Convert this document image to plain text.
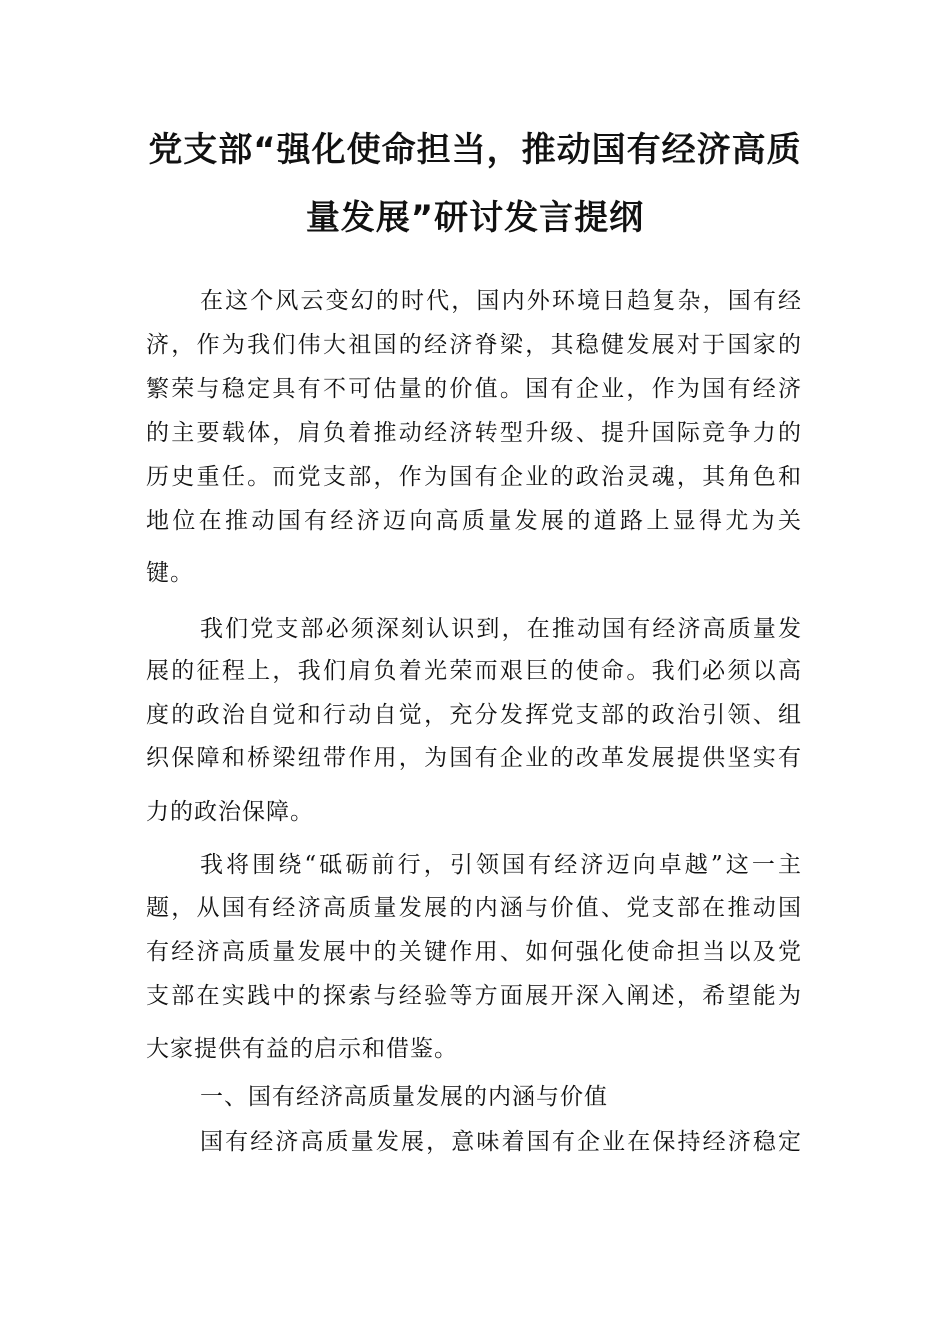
党支部“强化使命担当，推动国有经济高质
量发展”研讨发言提纲
在这个风云变幻的时代，国内外环境日趋复杂，国有经
济，作为我们伟大祖国的经济脊梁，其稳健发展对于国家的
繁荣与稳定具有不可估量的价值。国有企业，作为国有经济
的主要载体，肩负着推动经济转型升级、提升国际竞争力的
历史重任。而党支部，作为国有企业的政治灵魂，其角色和
地位在推动国有经济迈向高质量发展的道路上显得尤为关
键。
我们党支部必须深刻认识到，在推动国有经济高质量发
展的征程上，我们肩负着光荣而艰巨的使命。我们必须以高
度的政治自觉和行动自觉，充分发挥党支部的政治引领、组
织保障和桥梁纽带作用，为国有企业的改革发展提供坚实有
力的政治保障。
我将围绕“砥砺前行，引领国有经济迈向卓越”这一主
题，从国有经济高质量发展的内涵与价值、党支部在推动国
有经济高质量发展中的关键作用、如何强化使命担当以及党
支部在实践中的探索与经验等方面展开深入阐述，希望能为
大家提供有益的启示和借鉴。
一、国有经济高质量发展的内涵与价值
国有经济高质量发展，意味着国有企业在保持经济稳定
